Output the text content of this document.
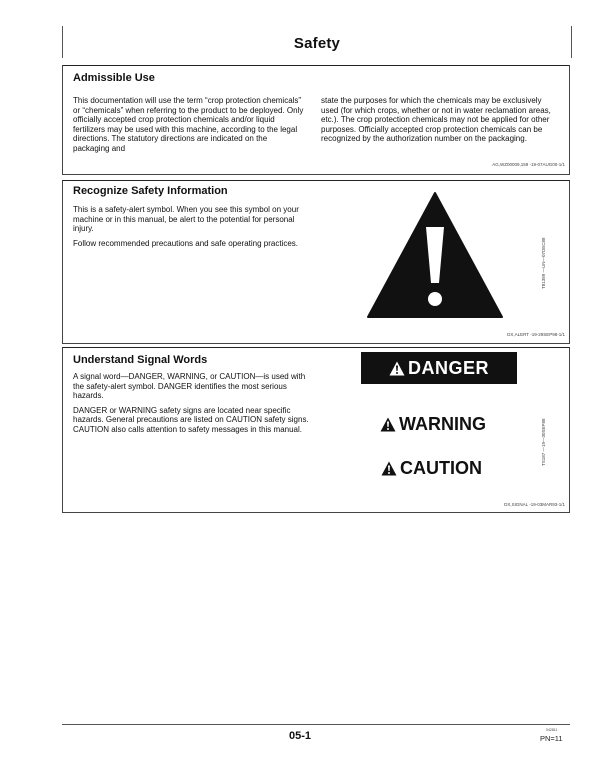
Safety
Admissible Use

This documentation will use the term “crop protection chemicals” or “chemicals” when referring to the product to be deployed. Only officially accepted crop protection chemicals and/or liquid fertilizers may be used with this machine, according to the legal directions. The statutory directions are indicated on the packaging and

state the purposes for which the chemicals may be exclusively used (for which crops, whether or not in water reclamation areas, etc.). The crop protection chemicals may not be applied for other purposes. Officially accepted crop protection chemicals can be recognized by the authorization number on the packaging.

AG,WZ00009,159 -19-07AUG00-1/1
Recognize Safety Information

This is a safety-alert symbol. When you see this symbol on your machine or in this manual, be alert to the potential for personal injury.

Follow recommended precautions and safe operating practices.	T81389 —UN—07DEC88
DX,ALERT -19-29SEP98-1/1
Understand Signal Words

A signal word—DANGER, WARNING, or CAUTION—is used with the safety-alert symbol. DANGER identifies the most serious hazards.

DANGER or WARNING safety signs are located near specific hazards. General precautions are listed on CAUTION safety signs. CAUTION also calls attention to safety messages in this manual.	TS187 —19—30SEP88
DX,SIGNAL -19-03MAR93-1/1
DANGER
WARNING
CAUTION
05-1	042811
PN=11
